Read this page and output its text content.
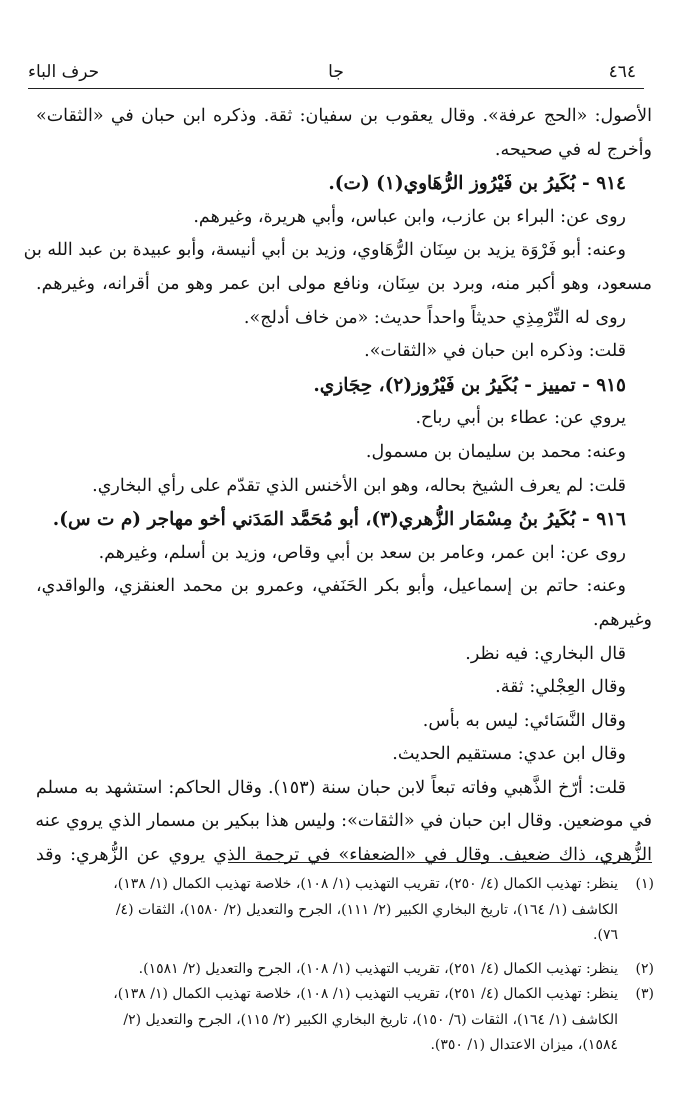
٤٦٤
جا
حرف الباء
الأصول: «الحج عرفة». وقال يعقوب بن سفيان: ثقة. وذكره ابن حبان في «الثقات»
وأخرج له في صحيحه.
٩١٤ - بُكَيرُ بن فَيْرُوز الرُّهَاوي(١) (ت).
روى عن: البراء بن عازب، وابن عباس، وأبي هريرة، وغيرهم.
وعنه: أبو فَرْوَة يزيد بن سِنَان الرُّهَاوي، وزيد بن أبي أنيسة، وأبو عبيدة بن عبد الله بن
مسعود، وهو أكبر منه، وبرد بن سِنَان، ونافع مولى ابن عمر وهو من أقرانه، وغيرهم.
روى له التِّرْمِذِي حديثاً واحداً حديث: «من خاف أدلج».
قلت: وذكره ابن حبان في «الثقات».
٩١٥ - تمييز - بُكَيرُ بن فَيْرُوز(٢)، حِجَازي.
يروي عن: عطاء بن أبي رباح.
وعنه: محمد بن سليمان بن مسمول.
قلت: لم يعرف الشيخ بحاله، وهو ابن الأخنس الذي تقدّم على رأي البخاري.
٩١٦ - بُكَيرُ بنُ مِسْمَار الزُّهري(٣)، أبو مُحَمَّد المَدَني أخو مهاجر (م ت س).
روى عن: ابن عمر، وعامر بن سعد بن أبي وقاص، وزيد بن أسلم، وغيرهم.
وعنه: حاتم بن إسماعيل، وأبو بكر الحَنَفي، وعمرو بن محمد العنقزي، والواقدي،
وغيرهم.
قال البخاري: فيه نظر.
وقال العِجْلي: ثقة.
وقال النَّسَائي: ليس به بأس.
وقال ابن عدي: مستقيم الحديث.
قلت: أرّخ الذَّهبي وفاته تبعاً لابن حبان سنة (١٥٣). وقال الحاكم: استشهد به مسلم
في موضعين. وقال ابن حبان في «الثقات»: وليس هذا ببكير بن مسمار الذي يروي عنه
الزُّهري، ذاك ضعيف. وقال في «الضعفاء» في ترجمة الذي يروي عن الزُّهري: وقد
(١)ينظر: تهذيب الكمال (٤/ ٢٥٠)، تقريب التهذيب (١/ ١٠٨)، خلاصة تهذيب الكمال (١/ ١٣٨)،
الكاشف (١/ ١٦٤)، تاريخ البخاري الكبير (٢/ ١١١)، الجرح والتعديل (٢/ ١٥٨٠)، الثقات (٤/
٧٦).
(٢)ينظر: تهذيب الكمال (٤/ ٢٥١)، تقريب التهذيب (١/ ١٠٨)، الجرح والتعديل (٢/ ١٥٨١).
(٣)ينظر: تهذيب الكمال (٤/ ٢٥١)، تقريب التهذيب (١/ ١٠٨)، خلاصة تهذيب الكمال (١/ ١٣٨)،
الكاشف (١/ ١٦٤)، الثقات (٦/ ١٥٠)، تاريخ البخاري الكبير (٢/ ١١٥)، الجرح والتعديل (٢/
١٥٨٤)، ميزان الاعتدال (١/ ٣٥٠).
